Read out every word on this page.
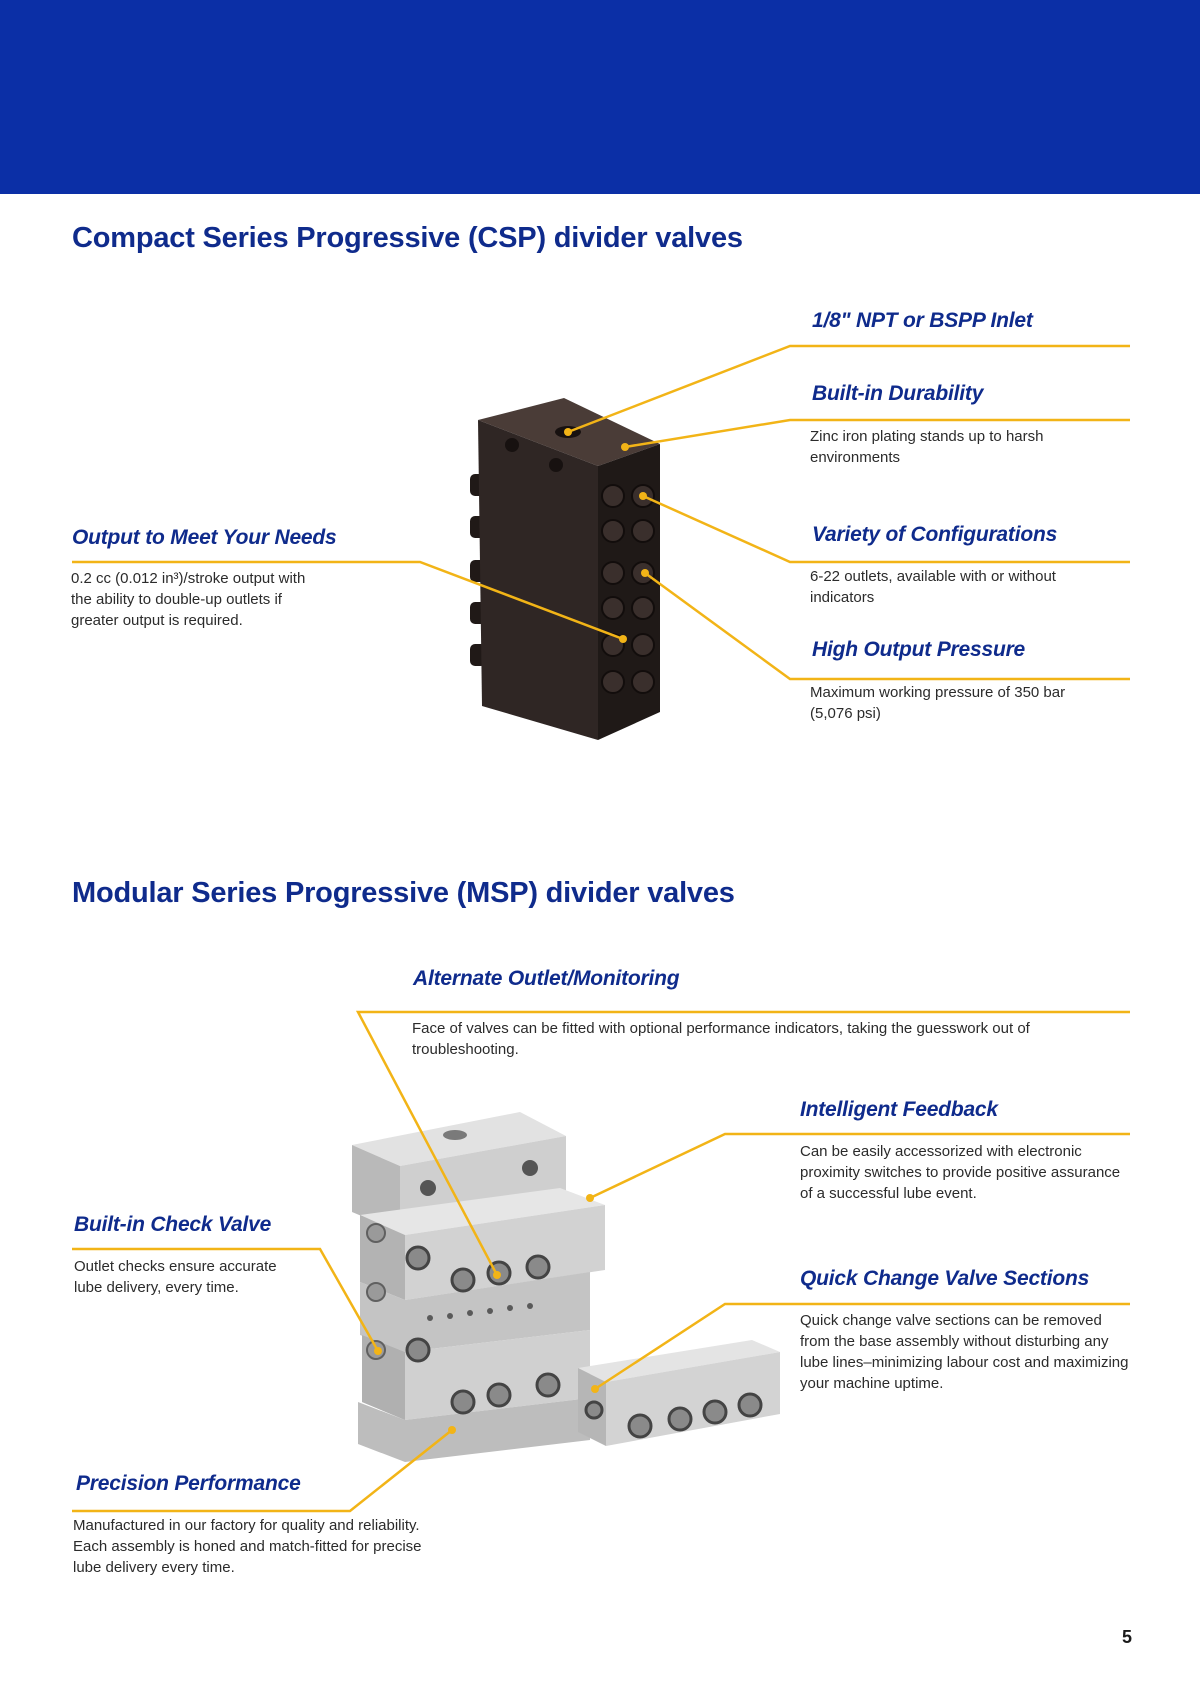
Compact Series Progressive (CSP) divider valves

1/8" NPT or BSPP Inlet

Built-in Durability

Zinc iron plating stands up to harsh environments

Output to Meet Your Needs

0.2 cc (0.012 in³)/stroke output with the ability to double-up outlets if greater output is required.

Variety of Configurations

6-22 outlets, available with or without indicators

High Output Pressure

Maximum working pressure of 350 bar (5,076 psi)

Modular Series Progressive (MSP) divider valves

Alternate Outlet/Monitoring

Face of valves can be fitted with optional performance indicators, taking the guesswork out of troubleshooting.

Intelligent Feedback

Can be easily accessorized with electronic proximity switches to provide positive assurance of a successful lube event.

Built-in Check Valve

Outlet checks ensure accurate lube delivery, every time.	Quick Change Valve Sections

Quick change valve sections can be removed from the base assembly without disturbing any lube lines–minimizing labour cost and maximizing your machine uptime.

Precision Performance

Manufactured in our factory for quality and reliability. Each assembly is honed and match-fitted for precise lube delivery every time.

5
